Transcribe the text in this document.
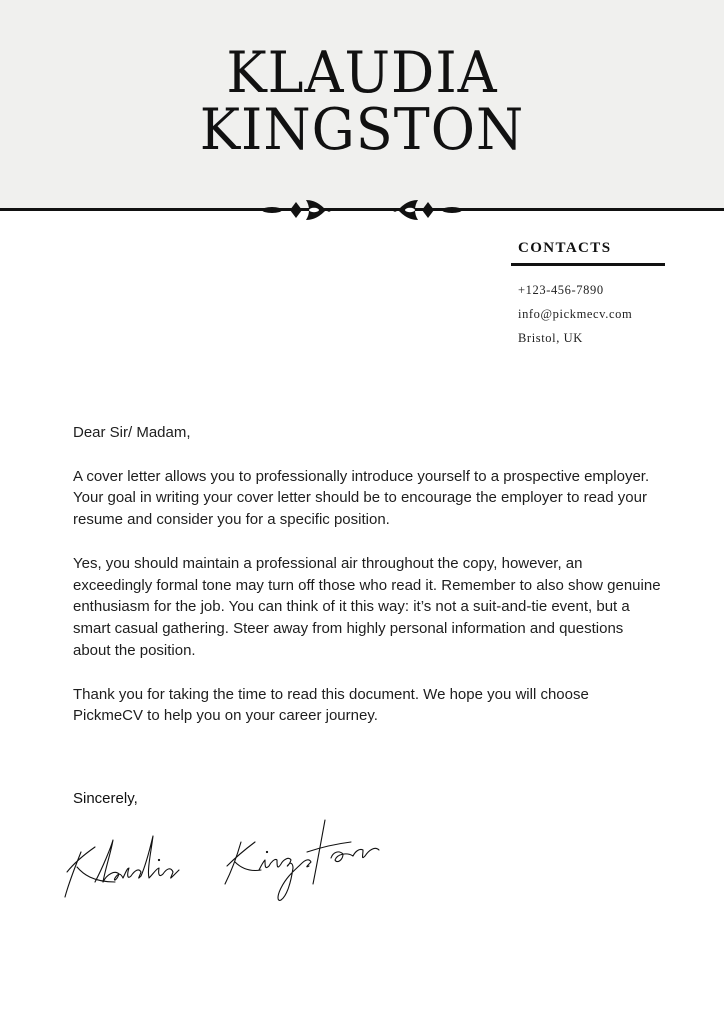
KLAUDIA
KINGSTON
CONTACTS
+123-456-7890
info@pickmecv.com
Bristol, UK

Dear Sir/ Madam,

A cover letter allows you to professionally introduce yourself to a prospective employer. Your goal in writing your cover letter should be to encourage the employer to read your resume and consider you for a specific position.

Yes, you should maintain a professional air throughout the copy, however, an exceedingly formal tone may turn off those who read it. Remember to also show genuine enthusiasm for the job. You can think of it this way: it’s not a suit-and-tie event, but a smart casual gathering. Steer away from highly personal information and questions about the position.

Thank you for taking the time to read this document. We hope you will choose PickmeCV to help you on your career journey.

Sincerely,
